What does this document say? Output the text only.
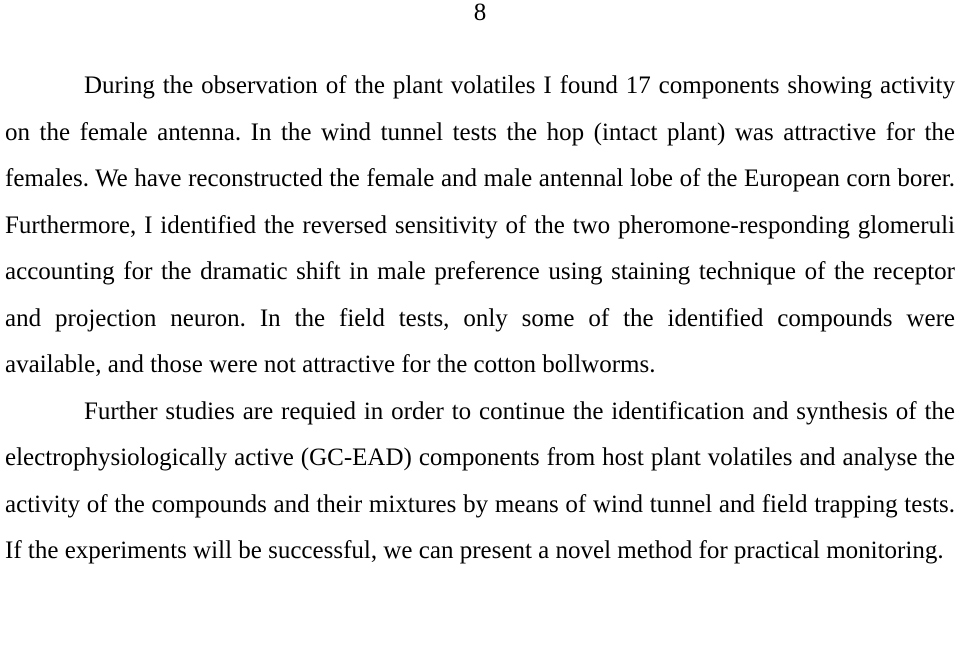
8

During the observation of the plant volatiles I found 17 components showing activity on the female antenna. In the wind tunnel tests the hop (intact plant) was attractive for the females. We have reconstructed the female and male antennal lobe of the European corn borer. Furthermore, I identified the reversed sensitivity of the two pheromone-responding glomeruli accounting for the dramatic shift in male preference using staining technique of the receptor and projection neuron. In the field tests, only some of the identified compounds were available, and those were not attractive for the cotton bollworms.

Further studies are requied in order to continue the identification and synthesis of the electrophysiologically active (GC-EAD) components from host plant volatiles and analyse the activity of the compounds and their mixtures by means of wind tunnel and field trapping tests. If the experiments will be successful, we can present a novel method for practical monitoring.
